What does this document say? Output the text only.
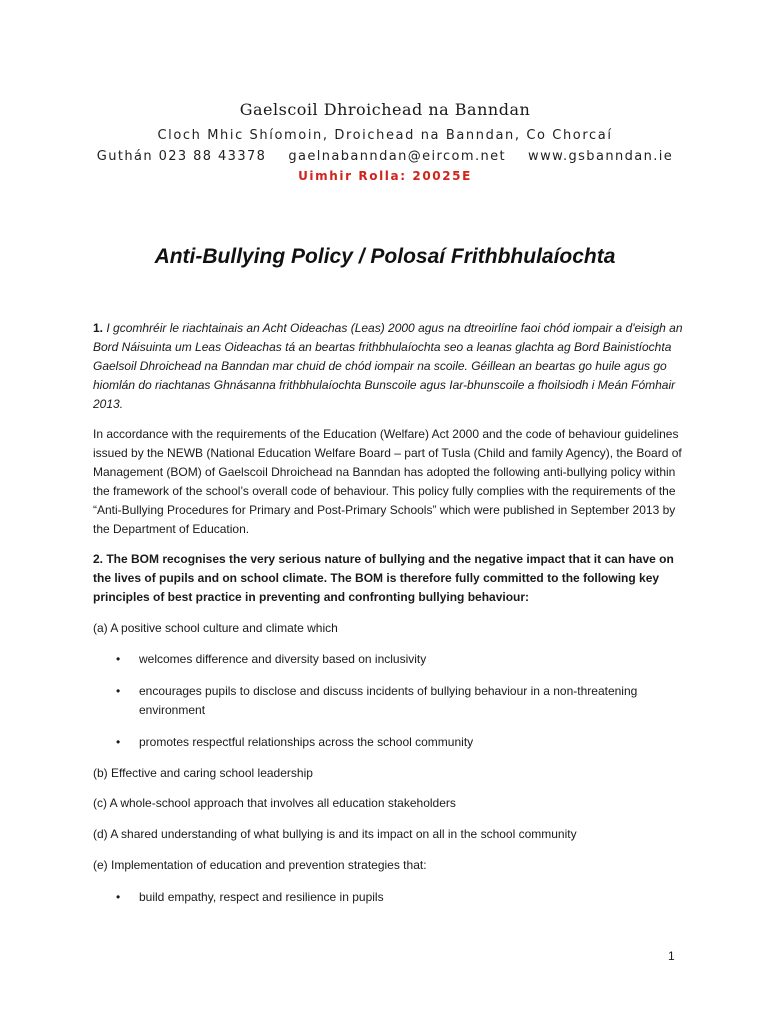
Gaelscoil Dhroichead na Banndan
Cloch Mhic Shíomoin, Droichead na Banndan, Co Chorcaí
Guthán 023 88 43378 gaelnabanndan@eircom.net www.gsbanndan.ie
Uimhir Rolla: 20025E
Anti-Bullying Policy / Polosaí Frithbhulaíochta
1. I gcomhréir le riachtainais an Acht Oideachas (Leas) 2000 agus na dtreoirlíne faoi chód iompair a d'eisigh an Bord Náisuinta um Leas Oideachas tá an beartas frithbhulaíochta seo a leanas glachta ag Bord Bainistíochta Gaelsoil Dhroichead na Banndan mar chuid de chód iompair na scoile. Géillean an beartas go huile agus go hiomlán do riachtanas Ghnásanna frithbhulaíochta Bunscoile agus Iar-bhunscoile a fhoilsiodh i Meán Fómhair 2013.
In accordance with the requirements of the Education (Welfare) Act 2000 and the code of behaviour guidelines issued by the NEWB (National Education Welfare Board – part of Tusla (Child and family Agency), the Board of Management (BOM) of Gaelscoil Dhroichead na Banndan has adopted the following anti-bullying policy within the framework of the school’s overall code of behaviour. This policy fully complies with the requirements of the “Anti-Bullying Procedures for Primary and Post-Primary Schools” which were published in September 2013 by the Department of Education.
2. The BOM recognises the very serious nature of bullying and the negative impact that it can have on the lives of pupils and on school climate. The BOM is therefore fully committed to the following key principles of best practice in preventing and confronting bullying behaviour:
(a) A positive school culture and climate which
• welcomes difference and diversity based on inclusivity
• encourages pupils to disclose and discuss incidents of bullying behaviour in a non-threatening environment
• promotes respectful relationships across the school community
(b) Effective and caring school leadership
(c) A whole-school approach that involves all education stakeholders
(d) A shared understanding of what bullying is and its impact on all in the school community
(e) Implementation of education and prevention strategies that:
• build empathy, respect and resilience in pupils
1
